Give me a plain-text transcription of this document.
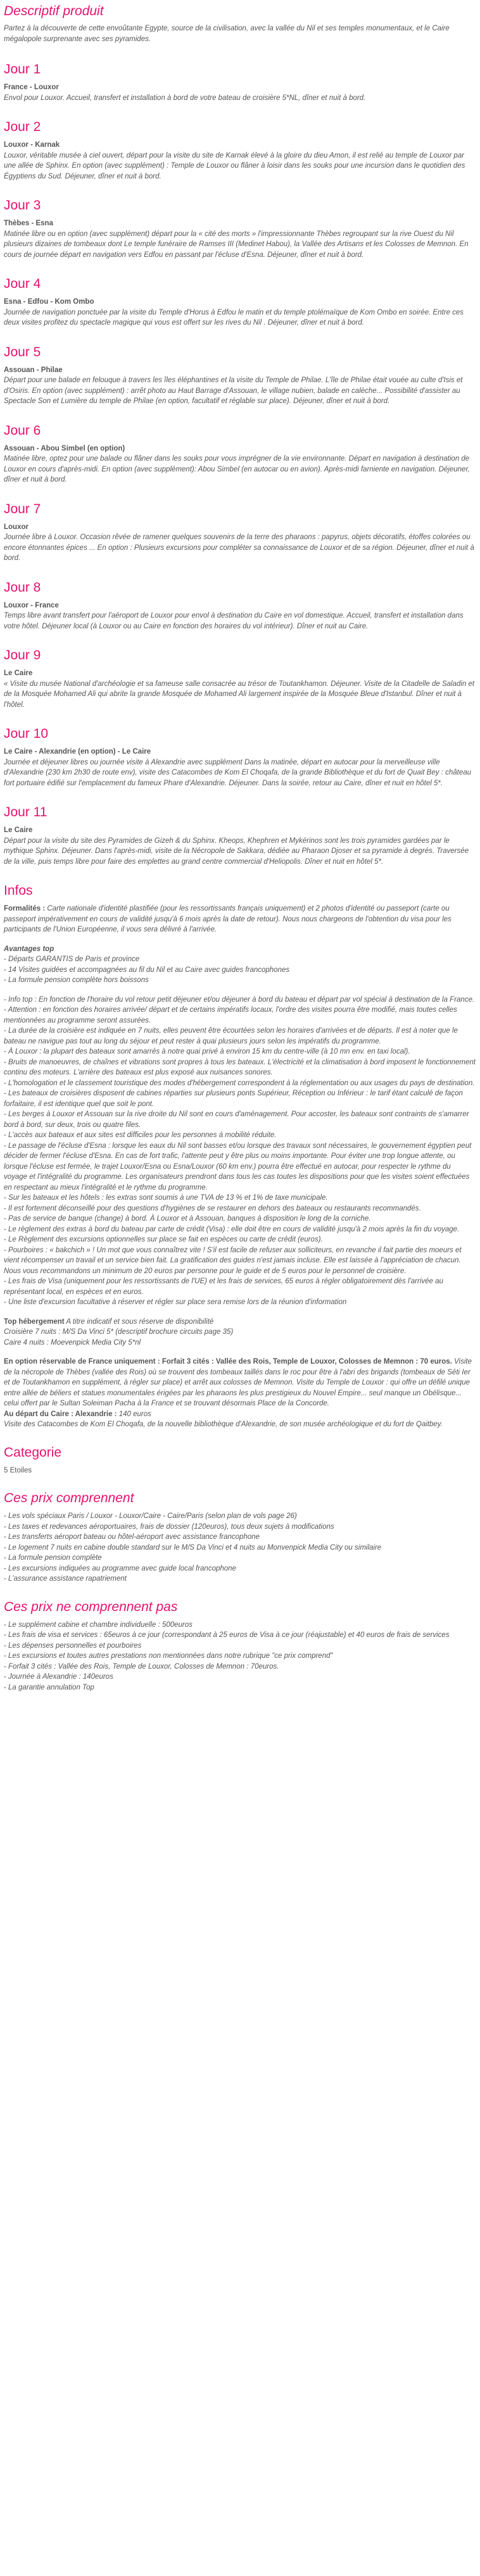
Descriptif produit

Partez à la découverte de cette envoûtante Egypte, source de la civilisation, avec la vallée du Nil et ses temples monumentaux, et le Caire mégalopole surprenante avec ses pyramides.

Jour 1

France - Louxor

Envol pour Louxor. Accueil, transfert et installation à bord de votre bateau de croisière 5*NL, dîner et nuit à bord.

Jour 2

Louxor - Karnak

Louxor, véritable musée à ciel ouvert, départ pour la visite du site de Karnak élevé à la gloire du dieu Amon, il est relié au temple de Louxor par une allée de Sphinx. En option (avec supplément) : Temple de Louxor ou flâner à loisir dans les souks pour une incursion dans le quotidien des Égyptiens du Sud. Déjeuner, dîner et nuit à bord.

Jour 3

Thèbes - Esna

Matinée libre ou en option (avec supplément) départ pour la « cité des morts » l'impressionnante Thèbes regroupant sur la rive Ouest du Nil plusieurs dizaines de tombeaux dont Le temple funéraire de Ramses III (Medinet Habou), la Vallée des Artisans et les Colosses de Memnon. En cours de journée départ en navigation vers Edfou en passant par l'écluse d'Esna. Déjeuner, dîner et nuit à bord.

Jour 4

Esna - Edfou - Kom Ombo

Journée de navigation ponctuée par la visite du Temple d'Horus à Edfou le matin et du temple ptolémaïque de Kom Ombo en soirée. Entre ces deux visites profitez du spectacle magique qui vous est offert sur les rives du Nil . Déjeuner, dîner et nuit à bord.

Jour 5

Assouan - Philae

Départ pour une balade en felouque à travers les îles éléphantines et la visite du Temple de Philae. L'île de Philae était vouée au culte d'Isis et d'Osiris. En option (avec supplément) : arrêt photo au Haut Barrage d'Assouan, le village nubien, balade en calèche... Possibilité d'assister au Spectacle Son et Lumière du temple de Philae (en option, facultatif et réglable sur place). Déjeuner, dîner et nuit à bord.

Jour 6

Assouan - Abou Simbel (en option)

Matinée libre, optez pour une balade ou flâner dans les souks pour vous imprégner de la vie environnante. Départ en navigation à destination de Louxor en cours d'après-midi. En option (avec supplément): Abou Simbel (en autocar ou en avion). Après-midi farniente en navigation. Déjeuner, dîner et nuit à bord.

Jour 7

Louxor

Journée libre à Louxor. Occasion rêvée de ramener quelques souvenirs de la terre des pharaons : papyrus, objets décoratifs, étoffes colorées ou encore étonnantes épices ... En option : Plusieurs excursions pour compléter sa connaissance de Louxor et de sa région. Déjeuner, dîner et nuit à bord.

Jour 8

Louxor - France

Temps libre avant transfert pour l'aéroport de Louxor pour envol à destination du Caire en vol domestique. Accueil, transfert et installation dans votre hôtel. Déjeuner local (à Louxor ou au Caire en fonction des horaires du vol intérieur). Dîner et nuit au Caire.

Jour 9

Le Caire

« Visite du musée National d'archéologie et sa fameuse salle consacrée au trésor de Toutankhamon. Déjeuner. Visite de la Citadelle de Saladin et de la Mosquée Mohamed Ali qui abrite la grande Mosquée de Mohamed Ali largement inspirée de la Mosquée Bleue d'Istanbul. Dîner et nuit à l'hôtel.

Jour 10

Le Caire - Alexandrie (en option) - Le Caire

Journée et déjeuner libres ou journée visite à Alexandrie avec supplément Dans la matinée, départ en autocar pour la merveilleuse ville d'Alexandrie (230 km 2h30 de route env), visite des Catacombes de Kom El Choqafa, de la grande Bibliothèque et du fort de Quait Bey : château fort portuaire édifié sur l'emplacement du fameux Phare d'Alexandrie. Déjeuner. Dans la soirée, retour au Caire, dîner et nuit en hôtel 5*.

Jour 11

Le Caire

Départ pour la visite du site des Pyramides de Gizeh & du Sphinx. Kheops, Khephren et Mykérinos sont les trois pyramides gardées par le mythique Sphinx. Déjeuner. Dans l'après-midi, visite de la Nécropole de Sakkara, dédiée au Pharaon Djoser et sa pyramide à degrés. Traversée de la ville, puis temps libre pour faire des emplettes au grand centre commercial d'Heliopolis. Dîner et nuit en hôtel 5*.

Infos

Formalités : Carte nationale d'identité plastifiée (pour les ressortissants français uniquement) et 2 photos d'identité ou passeport (carte ou passeport impérativement en cours de validité jusqu'à 6 mois après la date de retour). Nous nous chargeons de l'obtention du visa pour les participants de l'Union Européenne, il vous sera délivré à l'arrivée.

Avantages top

- Départs GARANTIS de Paris et province
- 14 Visites guidées et accompagnées au fil du Nil et au Caire avec guides francophones
- La formule pension complète hors boissons
- Info top : En fonction de l'horaire du vol retour petit déjeuner et/ou déjeuner à bord du bateau et départ par vol spécial à destination de la France.
- Attention : en fonction des horaires arrivée/ départ et de certains impératifs locaux, l'ordre des visites pourra être modifié, mais toutes celles mentionnées au programme seront assurées.
- La durée de la croisière est indiquée en 7 nuits, elles peuvent être écourtées selon les horaires d'arrivées et de départs. Il est à noter que le bateau ne navigue pas tout au long du séjour et peut rester à quai plusieurs jours selon les impératifs du programme.
- À Louxor : la plupart des bateaux sont amarrés à notre quai privé à environ 15 km du centre-ville (à 10 mn env. en taxi local).
- Bruits de manoeuvres, de chaînes et vibrations sont propres à tous les bateaux. L'électricité et la climatisation à bord imposent le fonctionnement continu des moteurs. L'arrière des bateaux est plus exposé aux nuisances sonores.
- L'homologation et le classement touristique des modes d'hébergement correspondent à la réglementation ou aux usages du pays de destination.
- Les bateaux de croisières disposent de cabines réparties sur plusieurs ponts Supérieur, Réception ou Inférieur : le tarif étant calculé de façon forfaitaire, il est identique quel que soit le pont.
- Les berges à Louxor et Assouan sur la rive droite du Nil sont en cours d'aménagement. Pour accoster, les bateaux sont contraints de s'amarrer bord à bord, sur deux, trois ou quatre files.
- L'accès aux bateaux et aux sites est difficiles pour les personnes à mobilité réduite.
- Le passage de l'écluse d'Esna : lorsque les eaux du Nil sont basses et/ou lorsque des travaux sont nécessaires, le gouvernement égyptien peut décider de fermer l'écluse d'Esna. En cas de fort trafic, l'attente peut y être plus ou moins importante. Pour éviter une trop longue attente, ou lorsque l'écluse est fermée, le trajet Louxor/Esna ou Esna/Louxor (60 km env.) pourra être effectué en autocar, pour respecter le rythme du voyage et l'intégralité du programme. Les organisateurs prendront dans tous les cas toutes les dispositions pour que les visites soient effectuées en respectant au mieux l'intégralité et le rythme du programme.
- Sur les bateaux et les hôtels : les extras sont soumis à une TVA de 13 % et 1% de taxe municipale.
- Il est fortement déconseillé pour des questions d'hygiènes de se restaurer en dehors des bateaux ou restaurants recommandés.
- Pas de service de banque (change) à bord. À Louxor et à Assouan, banques à disposition le long de la corniche.
- Le règlement des extras à bord du bateau par carte de crédit (Visa) : elle doit être en cours de validité jusqu'à 2 mois après la fin du voyage.
- Le Règlement des excursions optionnelles sur place se fait en espèces ou carte de crédit (euros).
- Pourboires : « bakchich » ! Un mot que vous connaîtrez vite ! S'il est facile de refuser aux solliciteurs, en revanche il fait partie des moeurs et vient récompenser un travail et un service bien fait. La gratification des guides n'est jamais incluse. Elle est laissée à l'appréciation de chacun. Nous vous recommandons un minimum de 20 euros par personne pour le guide et de 5 euros pour le personnel de croisière.
- Les frais de Visa (uniquement pour les ressortissants de l'UE) et les frais de services, 65 euros à régler obligatoirement dès l'arrivée au représentant local, en espèces et en euros.
- Une liste d'excursion facultative à réserver et régler sur place sera remise lors de la réunion d'information

Top hébergement A titre indicatif et sous réserve de disponibilité

Croisière 7 nuits : M/S Da Vinci 5* (descriptif brochure circuits page 35)

Caire 4 nuits : Moevenpick Media City 5*nl

En option réservable de France uniquement : Forfait 3 cités : Vallée des Rois, Temple de Louxor, Colosses de Memnon : 70 euros. Visite de la nécropole de Thèbes (vallée des Rois) où se trouvent des tombeaux taillés dans le roc pour être à l'abri des brigands (tombeaux de Séti Ier et de Toutankhamon en supplément, à régler sur place) et arrêt aux colosses de Memnon. Visite du Temple de Louxor : qui offre un défilé unique entre allée de béliers et statues monumentales érigées par les pharaons les plus prestigieux du Nouvel Empire... seul manque un Obélisque... celui offert par le Sultan Soleiman Pacha à la France et se trouvant désormais Place de la Concorde.

Au départ du Caire : Alexandrie : 140 euros

Visite des Catacombes de Kom El Choqafa, de la nouvelle bibliothèque d'Alexandrie, de son musée archéologique et du fort de Qaitbey.

Categorie

5 Etoiles

Ces prix comprennent
- Les vols spéciaux Paris / Louxor - Louxor/Caire - Caire/Paris (selon plan de vols page 26)
- Les taxes et redevances aéroportuaires, frais de dossier (120euros), tous deux sujets à modifications
- Les transferts aéroport bateau ou hôtel-aéroport avec assistance francophone
- Le logement 7 nuits en cabine double standard sur le M/S Da Vinci et 4 nuits au Monvenpick Media City ou similaire
- La formule pension complète
- Les excursions indiquées au programme avec guide local francophone
- L'assurance assistance rapatriement
Ces prix ne comprennent pas
- Le supplément cabine et chambre individuelle : 500euros
- Les frais de visa et services : 65euros à ce jour (correspondant à 25 euros de Visa à ce jour (réajustable) et 40 euros de frais de services
- Les dépenses personnelles et pourboires
- Les excursions et toutes autres prestations non mentionnées dans notre rubrique "ce prix comprend"
- Forfait 3 cités : Vallée des Rois, Temple de Louxor, Colosses de Memnon : 70euros.
- Journée à Alexandrie : 140euros
- La garantie annulation Top
